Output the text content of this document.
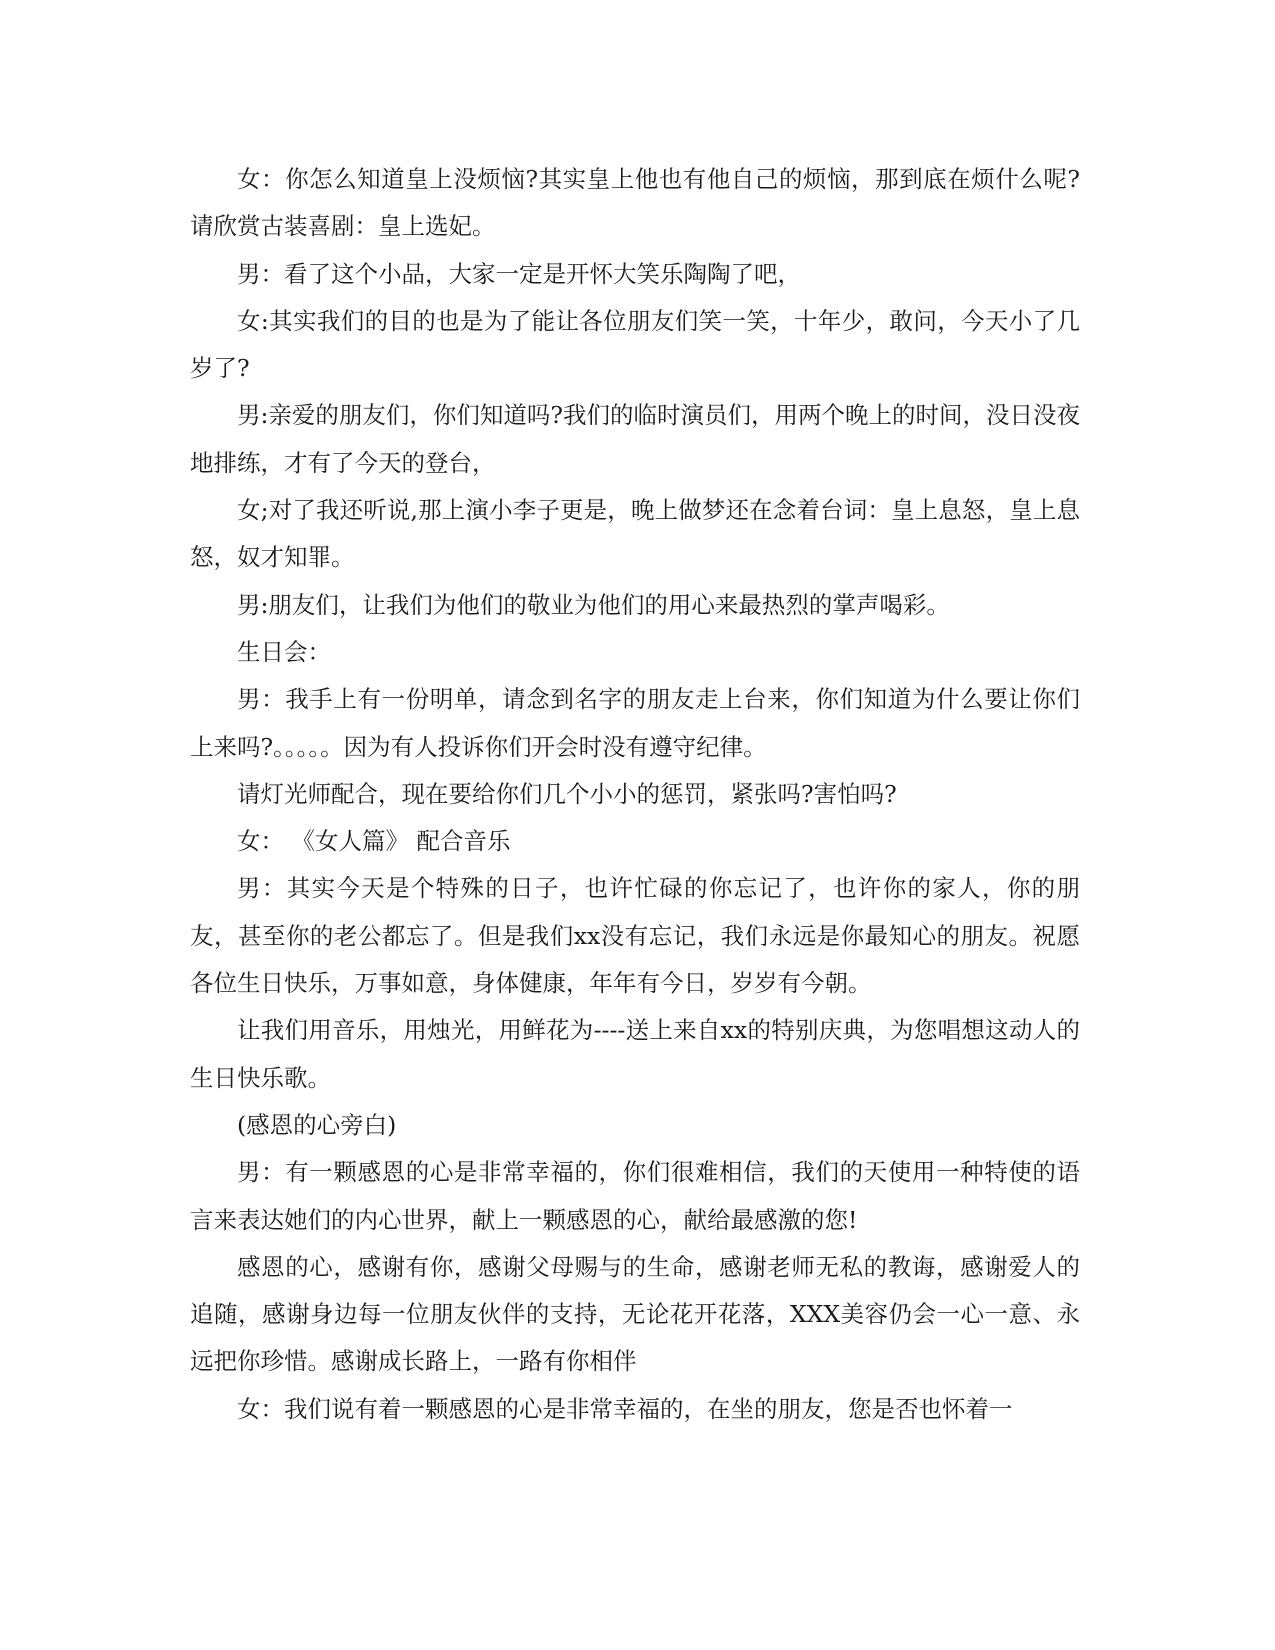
女：你怎么知道皇上没烦恼?其实皇上他也有他自己的烦恼，那到底在烦什么呢?请欣赏古装喜剧：皇上选妃。

男：看了这个小品，大家一定是开怀大笑乐陶陶了吧，

女:其实我们的目的也是为了能让各位朋友们笑一笑，十年少，敢问，今天小了几岁了?

男:亲爱的朋友们，你们知道吗?我们的临时演员们，用两个晚上的时间，没日没夜地排练，才有了今天的登台，

女;对了我还听说,那上演小李子更是，晚上做梦还在念着台词：皇上息怒，皇上息怒，奴才知罪。

男:朋友们，让我们为他们的敬业为他们的用心来最热烈的掌声喝彩。

生日会：

男：我手上有一份明单，请念到名字的朋友走上台来，你们知道为什么要让你们上来吗?。。。。。因为有人投诉你们开会时没有遵守纪律。

请灯光师配合，现在要给你们几个小小的惩罚，紧张吗?害怕吗?

女： 《女人篇》 配合音乐

男：其实今天是个特殊的日子，也许忙碌的你忘记了，也许你的家人，你的朋友，甚至你的老公都忘了。但是我们xx没有忘记，我们永远是你最知心的朋友。祝愿各位生日快乐，万事如意，身体健康，年年有今日，岁岁有今朝。

让我们用音乐，用烛光，用鲜花为----送上来自xx的特别庆典，为您唱想这动人的生日快乐歌。

(感恩的心旁白)

男：有一颗感恩的心是非常幸福的，你们很难相信，我们的天使用一种特使的语言来表达她们的内心世界，献上一颗感恩的心，献给最感激的您!

感恩的心，感谢有你，感谢父母赐与的生命，感谢老师无私的教诲，感谢爱人的追随，感谢身边每一位朋友伙伴的支持，无论花开花落，XXX美容仍会一心一意、永远把你珍惜。感谢成长路上，一路有你相伴

女：我们说有着一颗感恩的心是非常幸福的，在坐的朋友，您是否也怀着一
